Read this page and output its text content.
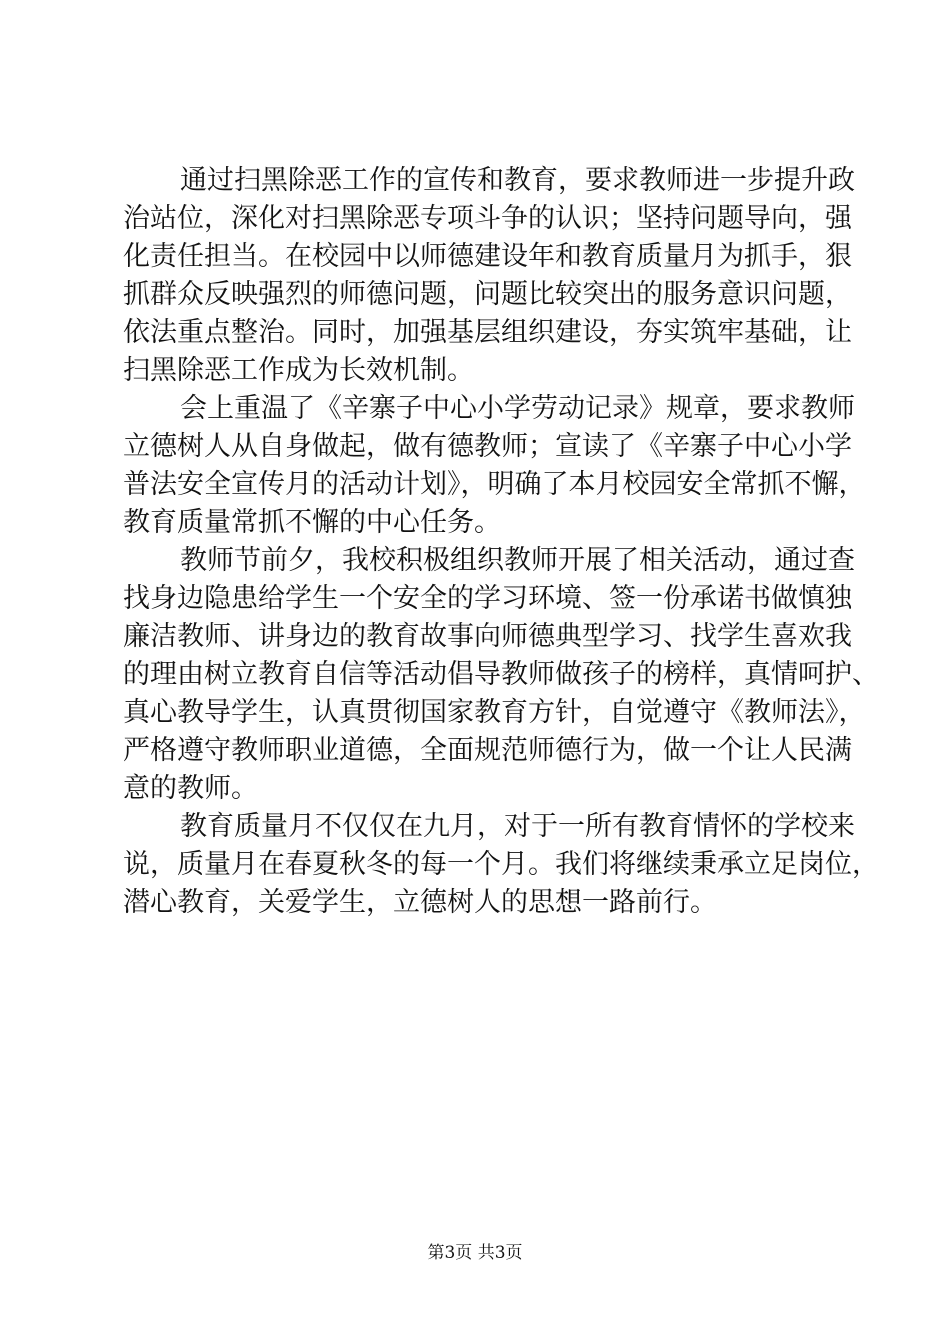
通过扫黑除恶工作的宣传和教育，要求教师进一步提升政
治站位，深化对扫黑除恶专项斗争的认识；坚持问题导向，强
化责任担当。在校园中以师德建设年和教育质量月为抓手，狠
抓群众反映强烈的师德问题，问题比较突出的服务意识问题，
依法重点整治。同时，加强基层组织建设，夯实筑牢基础，让
扫黑除恶工作成为长效机制。
会上重温了《辛寨子中心小学劳动记录》规章，要求教师
立德树人从自身做起，做有德教师；宣读了《辛寨子中心小学
普法安全宣传月的活动计划》，明确了本月校园安全常抓不懈，
教育质量常抓不懈的中心任务。
教师节前夕，我校积极组织教师开展了相关活动，通过查
找身边隐患给学生一个安全的学习环境、签一份承诺书做慎独
廉洁教师、讲身边的教育故事向师德典型学习、找学生喜欢我
的理由树立教育自信等活动倡导教师做孩子的榜样，真情呵护、
真心教导学生，认真贯彻国家教育方针，自觉遵守《教师法》，
严格遵守教师职业道德，全面规范师德行为，做一个让人民满
意的教师。
教育质量月不仅仅在九月，对于一所有教育情怀的学校来
说，质量月在春夏秋冬的每一个月。我们将继续秉承立足岗位，
潜心教育，关爱学生，立德树人的思想一路前行。
第3页 共3页
